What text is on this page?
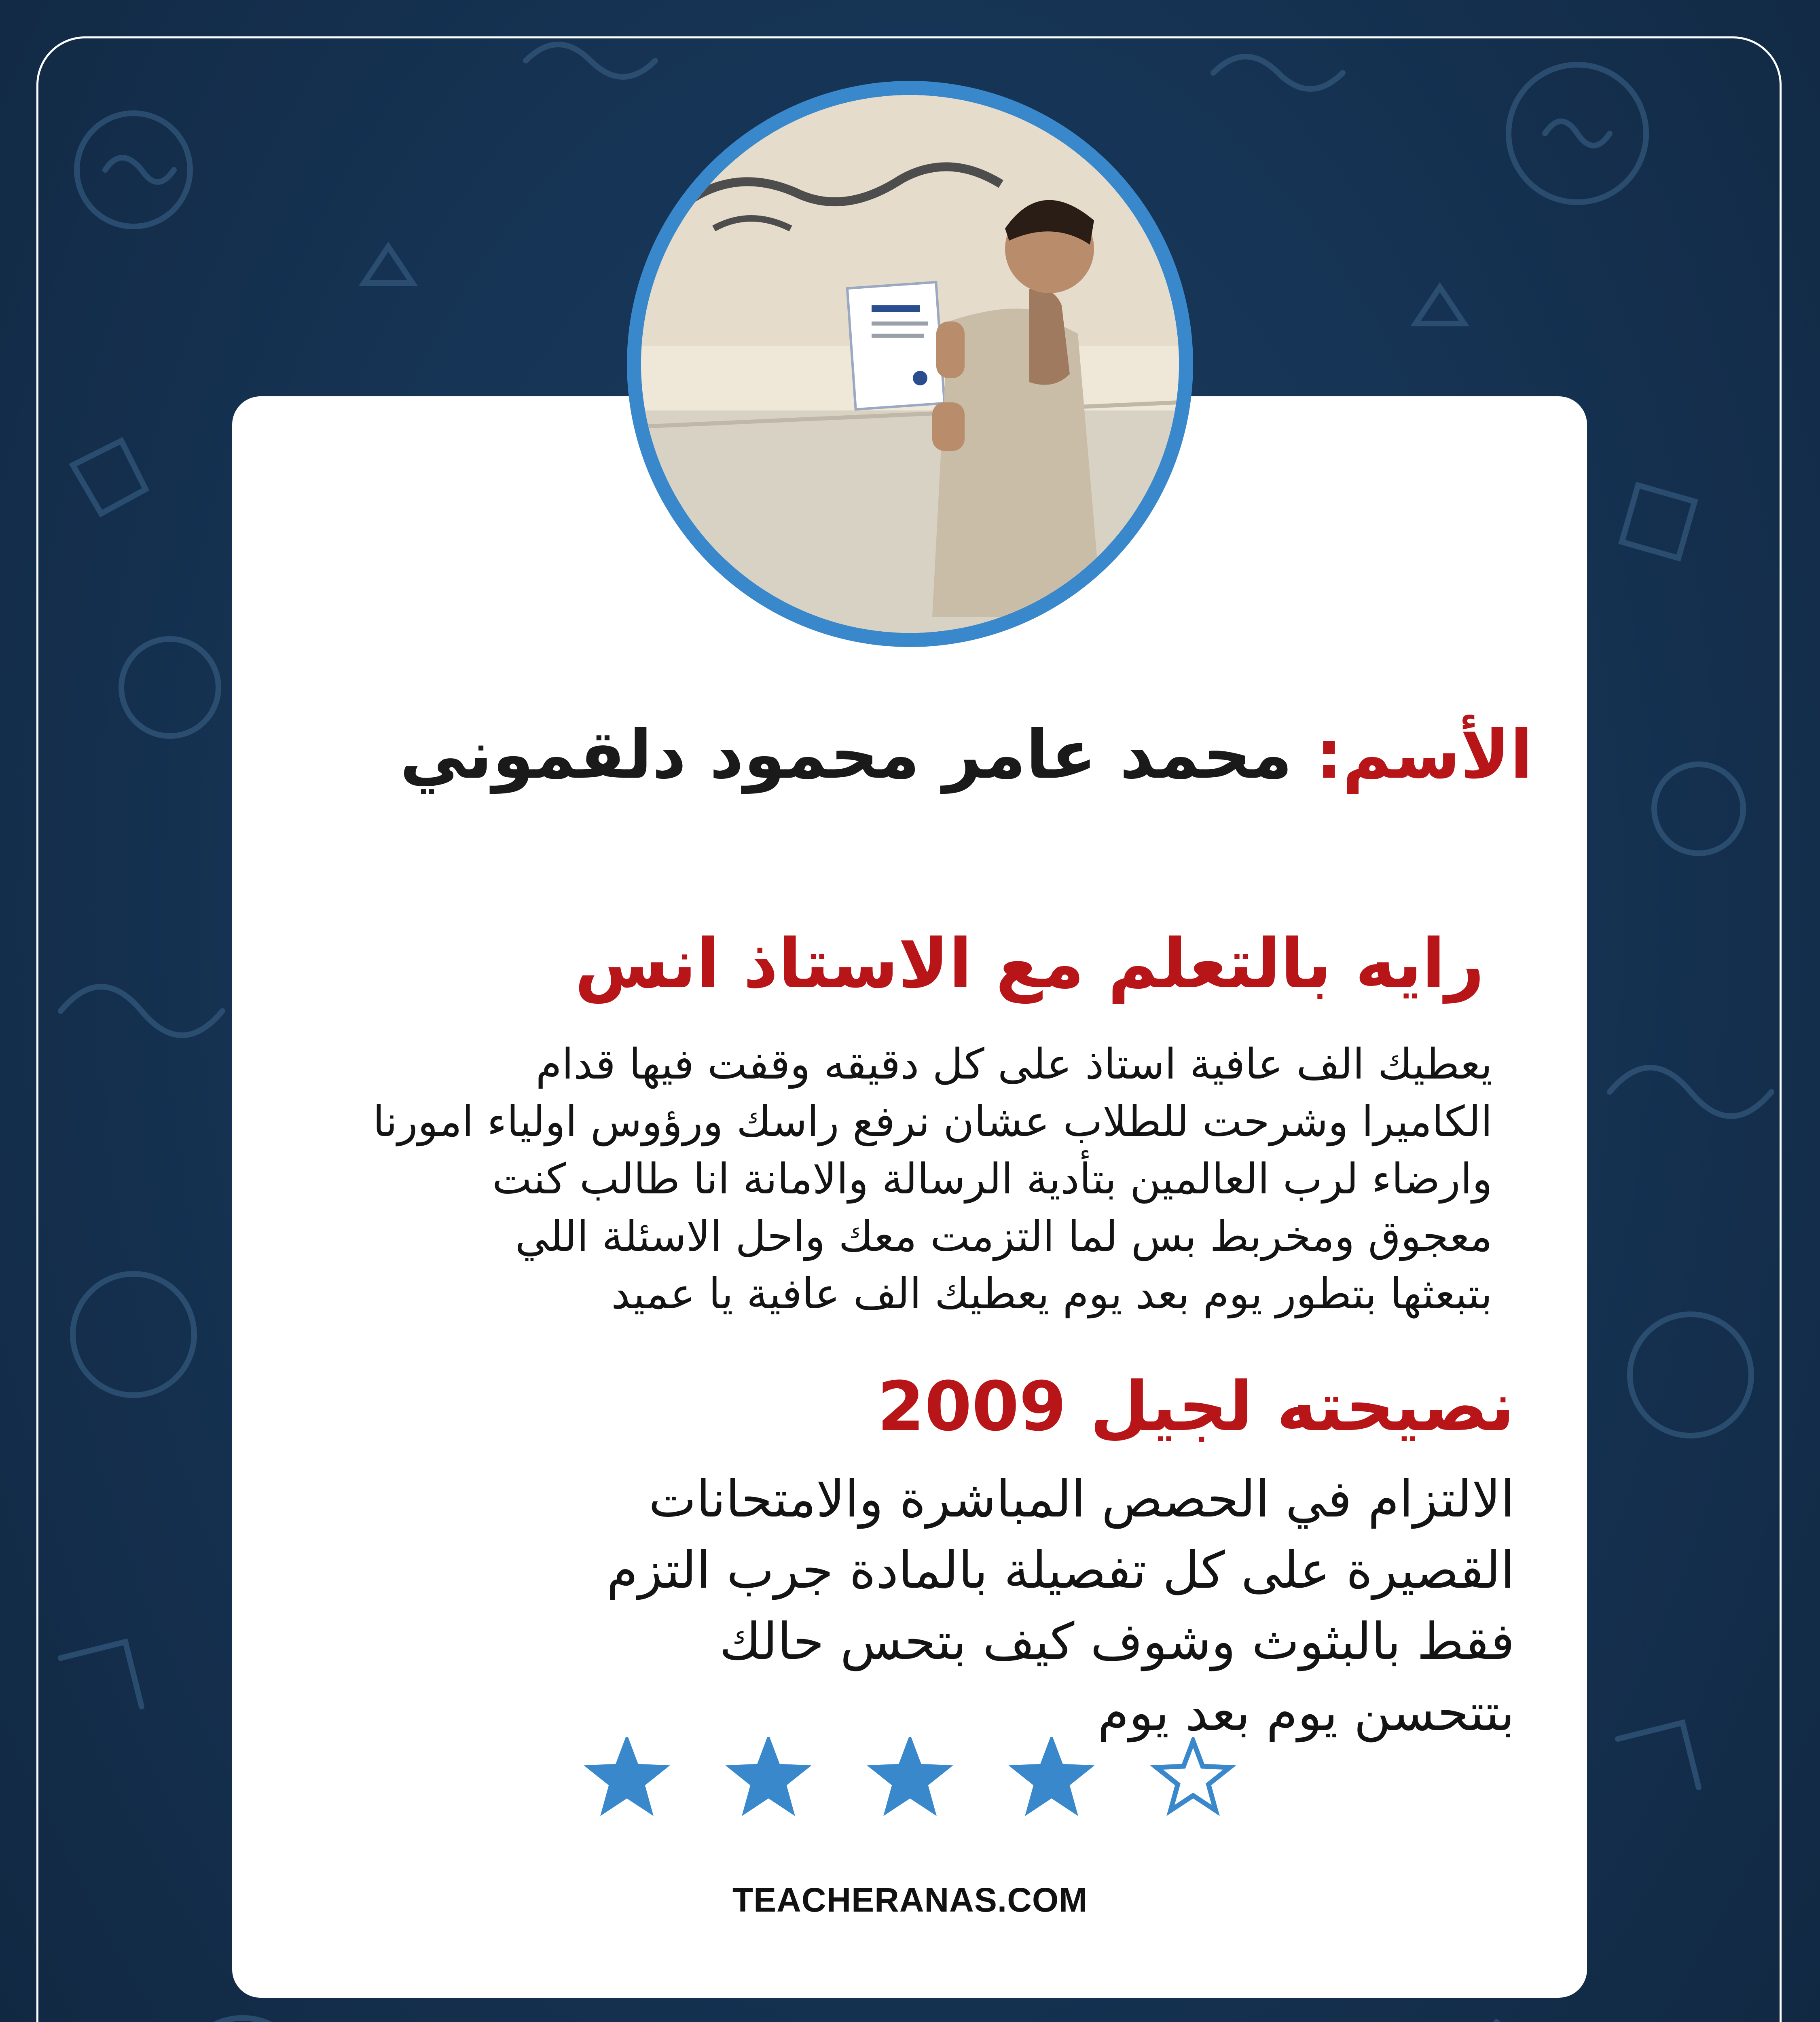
الأسم: محمد عامر محمود دلقموني
رايه بالتعلم مع الاستاذ انس
يعطيك الف عافية استاذ على كل دقيقه وقفت فيها قدام
الكاميرا وشرحت للطلاب عشان نرفع راسك ورؤوس اولياء امورنا
وارضاء لرب العالمين بتأدية الرسالة والامانة انا طالب كنت
معجوق ومخربط بس لما التزمت معك واحل الاسئلة اللي
بتبعثها بتطور يوم بعد يوم يعطيك الف عافية يا عميد
نصيحته لجيل 2009
الالتزام في الحصص المباشرة والامتحانات
القصيرة على كل تفصيلة بالمادة جرب التزم
فقط بالبثوث وشوف كيف بتحس حالك
بتتحسن يوم بعد يوم
TEACHERANAS.COM
